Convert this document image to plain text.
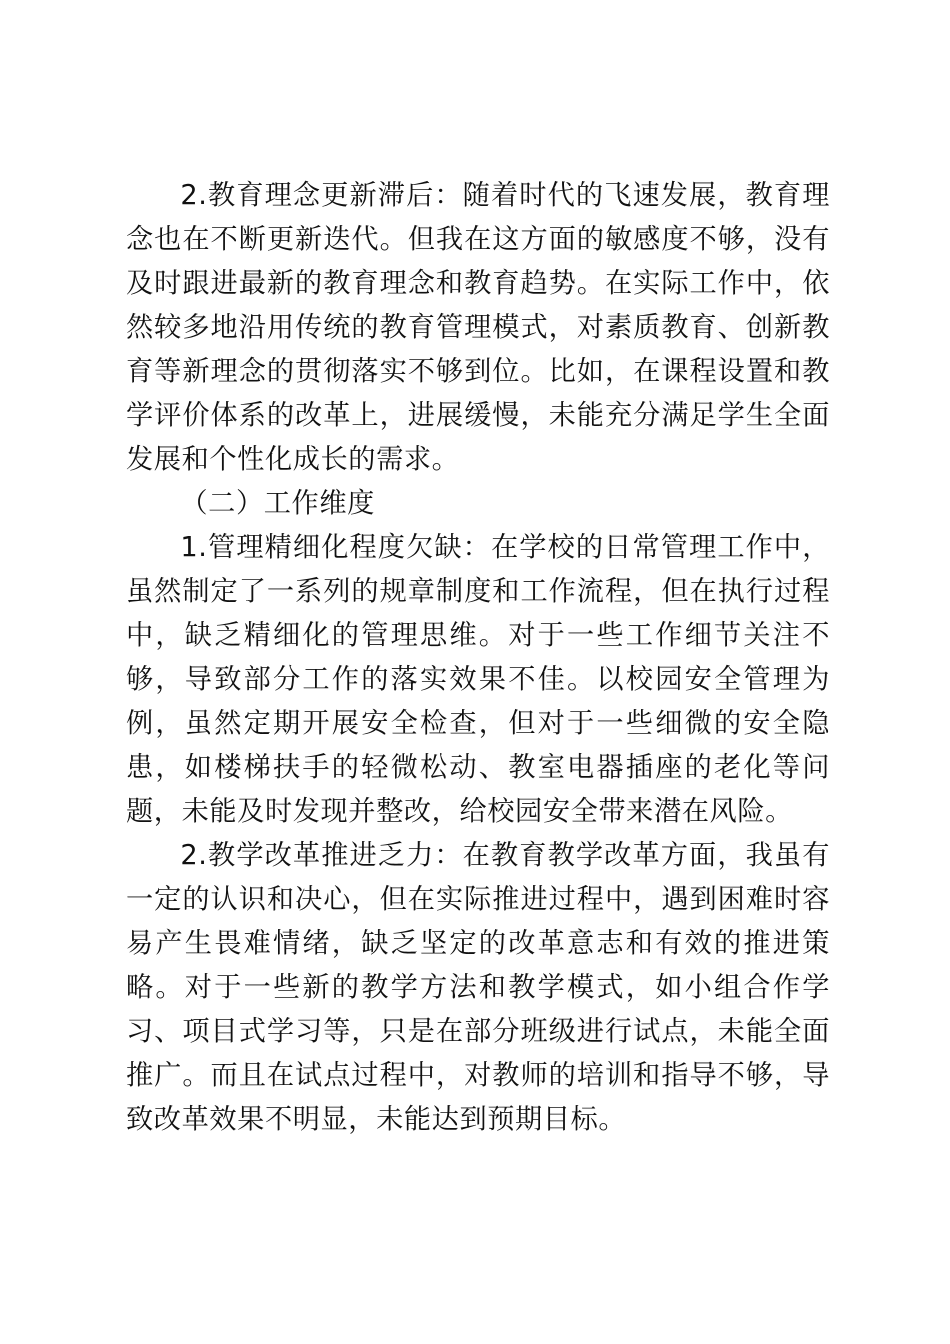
2.教育理念更新滞后：随着时代的飞速发展，教育理念也在不断更新迭代。但我在这方面的敏感度不够，没有及时跟进最新的教育理念和教育趋势。在实际工作中，依然较多地沿用传统的教育管理模式，对素质教育、创新教育等新理念的贯彻落实不够到位。比如，在课程设置和教学评价体系的改革上，进展缓慢，未能充分满足学生全面发展和个性化成长的需求。

（二）工作维度

1.管理精细化程度欠缺：在学校的日常管理工作中，虽然制定了一系列的规章制度和工作流程，但在执行过程中，缺乏精细化的管理思维。对于一些工作细节关注不够，导致部分工作的落实效果不佳。以校园安全管理为例，虽然定期开展安全检查，但对于一些细微的安全隐患，如楼梯扶手的轻微松动、教室电器插座的老化等问题，未能及时发现并整改，给校园安全带来潜在风险。

2.教学改革推进乏力：在教育教学改革方面，我虽有一定的认识和决心，但在实际推进过程中，遇到困难时容易产生畏难情绪，缺乏坚定的改革意志和有效的推进策略。对于一些新的教学方法和教学模式，如小组合作学习、项目式学习等，只是在部分班级进行试点，未能全面推广。而且在试点过程中，对教师的培训和指导不够，导致改革效果不明显，未能达到预期目标。
